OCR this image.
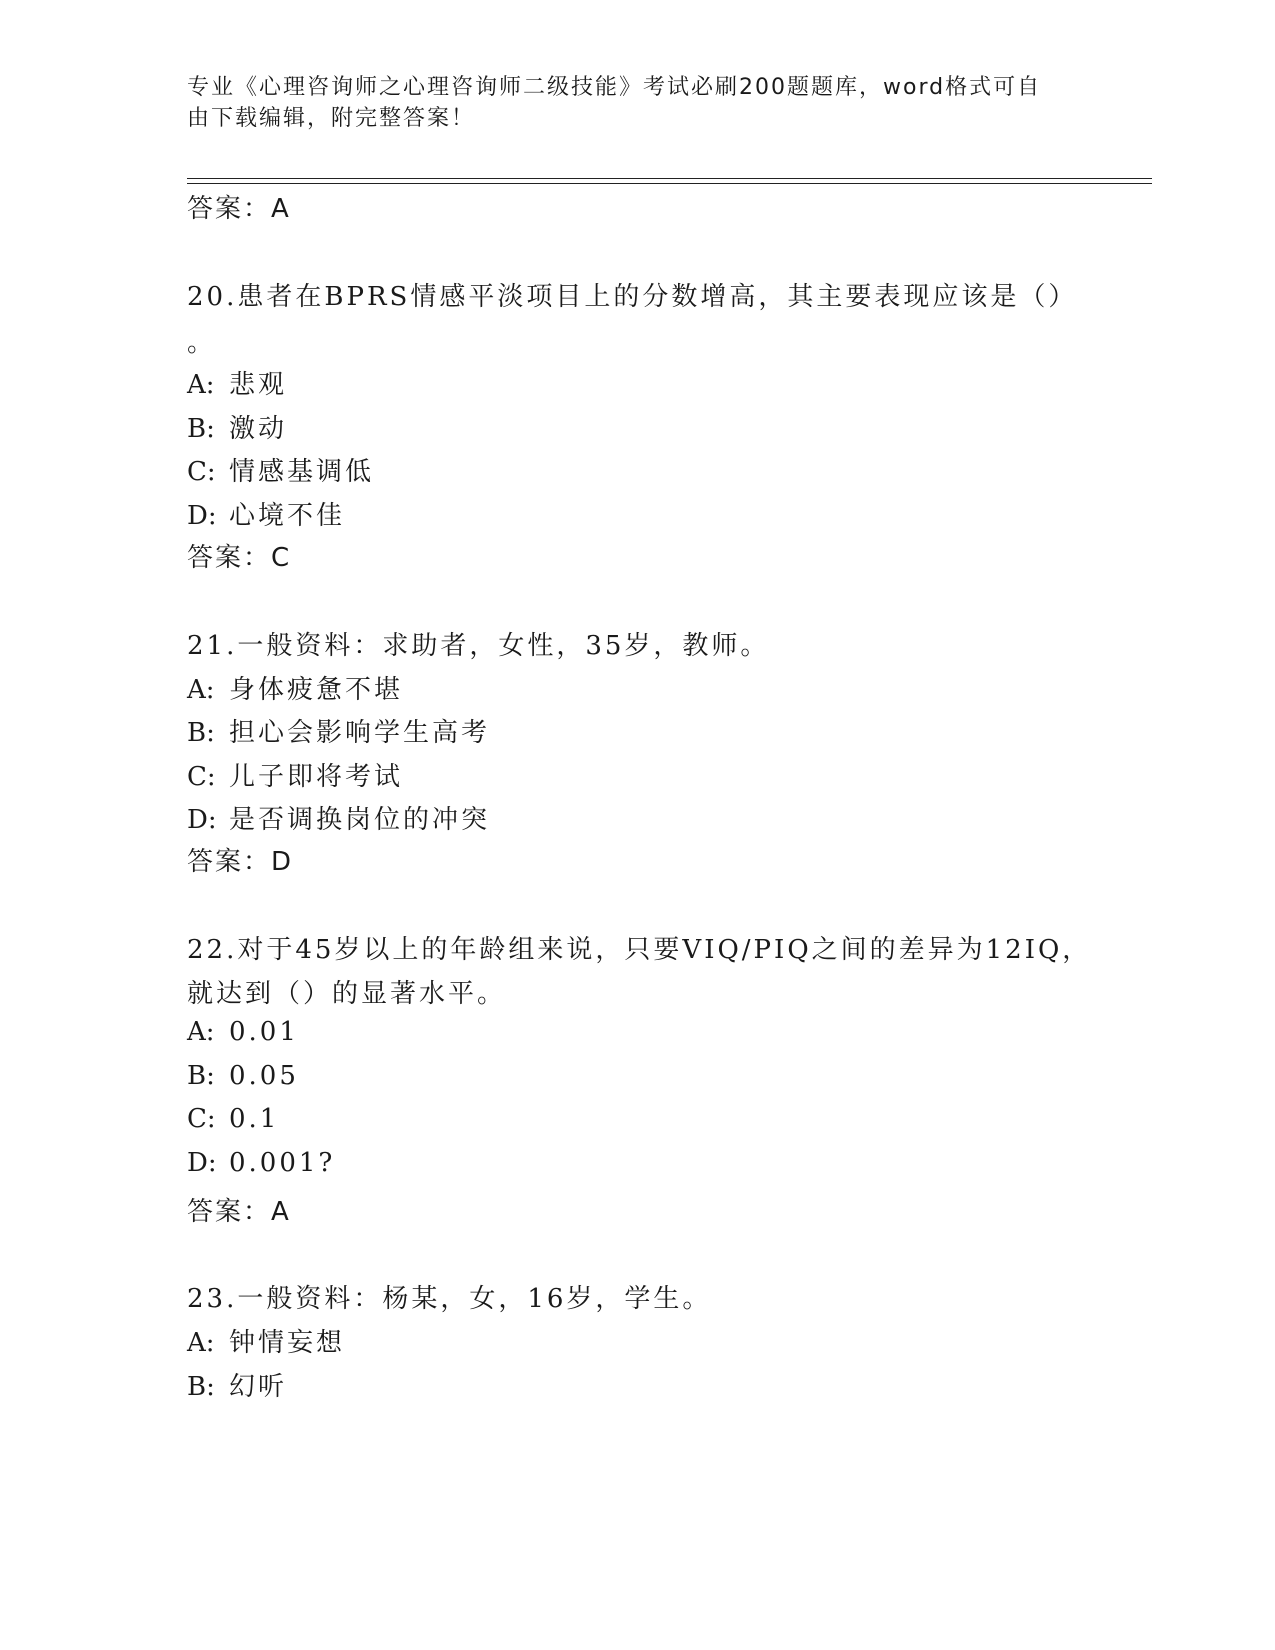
专业《心理咨询师之心理咨询师二级技能》考试必刷200题题库，word格式可自
由下载编辑，附完整答案！
答案：A
20.患者在BPRS情感平淡项目上的分数增高，其主要表现应该是（）
。
A: 悲观
B: 激动
C: 情感基调低
D: 心境不佳
答案：C
21.一般资料：求助者，女性，35岁，教师。
A: 身体疲惫不堪
B: 担心会影响学生高考
C: 儿子即将考试
D: 是否调换岗位的冲突
答案：D
22.对于45岁以上的年龄组来说，只要VIQ/PIQ之间的差异为12IQ，
就达到（）的显著水平。
A: 0.01
B: 0.05
C: 0.1
D: 0.001?
答案：A
23.一般资料：杨某，女，16岁，学生。
A: 钟情妄想
B: 幻听
